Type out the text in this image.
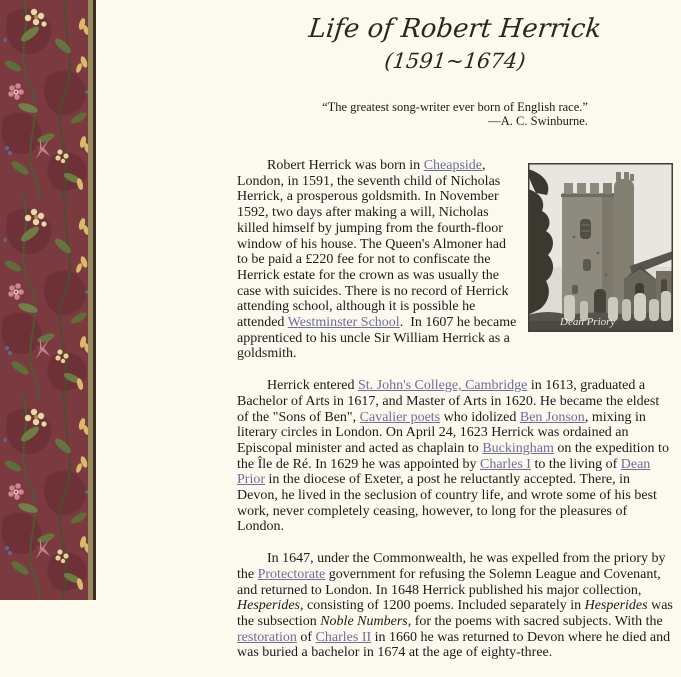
Life of Robert Herrick
(1591~1674)
“The greatest song-writer ever born of English race.”
—A. C. Swinburne.
Dean Priory

Robert Herrick was born in Cheapside, London, in 1591, the seventh child of Nicholas Herrick, a prosperous goldsmith. In November 1592, two days after making a will, Nicholas killed himself by jumping from the fourth-floor window of his house. The Queen's Almoner had to be paid a £220 fee for not to confiscate the Herrick estate for the crown as was usually the case with suicides. There is no record of Herrick attending school, although it is possible he attended Westminster School.  In 1607 he became apprenticed to his uncle Sir William Herrick as a goldsmith.

Herrick entered St. John's College, Cambridge in 1613, graduated a Bachelor of Arts in 1617, and Master of Arts in 1620. He became the eldest of the "Sons of Ben", Cavalier poets who idolized Ben Jonson, mixing in literary circles in London. On April 24, 1623 Herrick was ordained an Episcopal minister and acted as chaplain to Buckingham on the expedition to the Île de Ré. In 1629 he was appointed by Charles I to the living of Dean Prior in the diocese of Exeter, a post he reluctantly accepted. There, in Devon, he lived in the seclusion of country life, and wrote some of his best work, never completely ceasing, however, to long for the pleasures of London.

In 1647, under the Commonwealth, he was expelled from the priory by the Protectorate government for refusing the Solemn League and Covenant, and returned to London. In 1648 Herrick published his major collection, Hesperides, consisting of 1200 poems. Included separately in Hesperides was the subsection Noble Numbers, for the poems with sacred subjects. With the restoration of Charles II in 1660 he was returned to Devon where he died and was buried a bachelor in 1674 at the age of eighty-three.
